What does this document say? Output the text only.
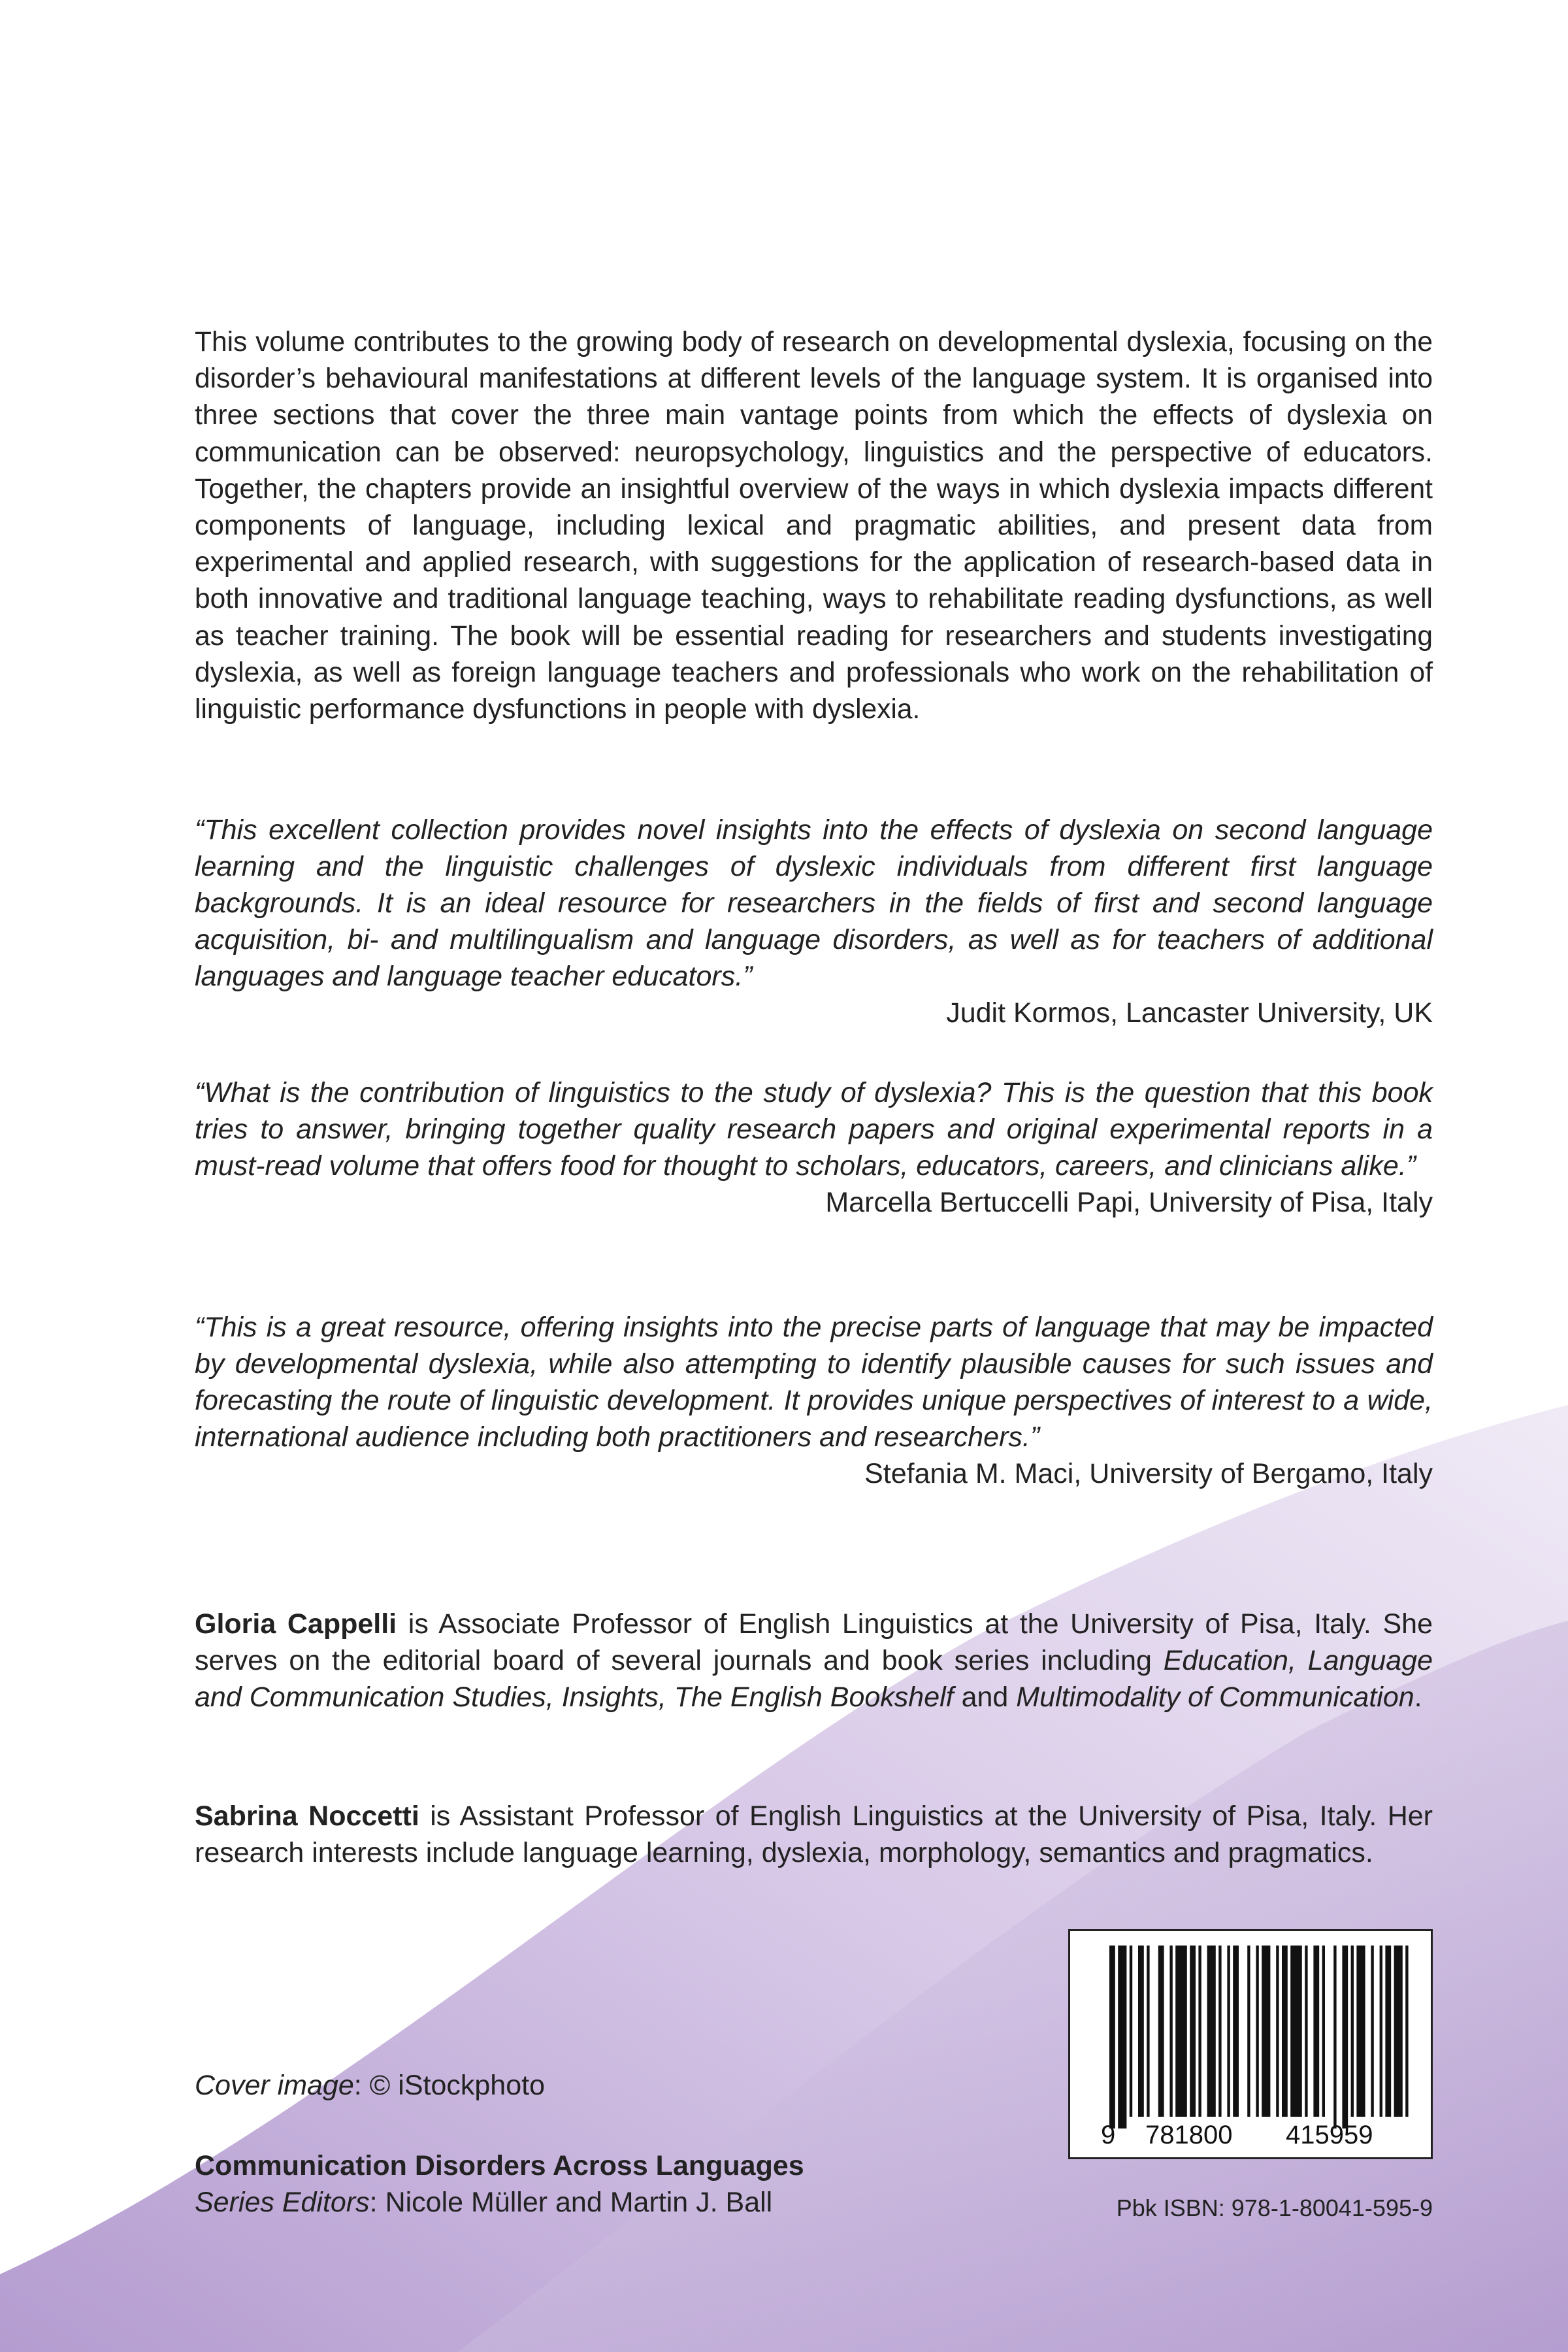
This volume contributes to the growing body of research on developmental dyslexia, focusing on the disorder’s behavioural manifestations at different levels of the language system. It is organised into three sections that cover the three main vantage points from which the effects of dyslexia on communication can be observed: neuropsychology, linguistics and the perspective of educators. Together, the chapters provide an insightful overview of the ways in which dyslexia impacts different components of language, including lexical and pragmatic abilities, and present data from experimental and applied research, with suggestions for the application of research-based data in both innovative and traditional language teaching, ways to rehabilitate reading dysfunctions, as well as teacher training. The book will be essential reading for researchers and students investigating dyslexia, as well as foreign language teachers and professionals who work on the rehabilitation of linguistic performance dysfunctions in people with dyslexia.

“This excellent collection provides novel insights into the effects of dyslexia on second language learning and the linguistic challenges of dyslexic individuals from different first language backgrounds. It is an ideal resource for researchers in the fields of first and second language acquisition, bi- and multilingualism and language disorders, as well as for teachers of additional languages and language teacher educators.”

Judit Kormos, Lancaster University, UK

“What is the contribution of linguistics to the study of dyslexia? This is the question that this book tries to answer, bringing together quality research papers and original experimental reports in a must-read volume that offers food for thought to scholars, educators, careers, and clinicians alike.”

Marcella Bertuccelli Papi, University of Pisa, Italy

“This is a great resource, offering insights into the precise parts of language that may be impacted by developmental dyslexia, while also attempting to identify plausible causes for such issues and forecasting the route of linguistic development. It provides unique perspectives of interest to a wide, international audience including both practitioners and researchers.”

Stefania M. Maci, University of Bergamo, Italy

Gloria Cappelli is Associate Professor of English Linguistics at the University of Pisa, Italy. She serves on the editorial board of several journals and book series including Education, Language and Communication Studies, Insights, The English Bookshelf and Multimodality of Communication.

Sabrina Noccetti is Assistant Professor of English Linguistics at the University of Pisa, Italy. Her research interests include language learning, dyslexia, morphology, semantics and pragmatics.

Cover image: © iStockphoto
Communication Disorders Across Languages
Series Editors: Nicole Müller and Martin J. Ball
9 781800 415959
Pbk ISBN: 978-1-80041-595-9
